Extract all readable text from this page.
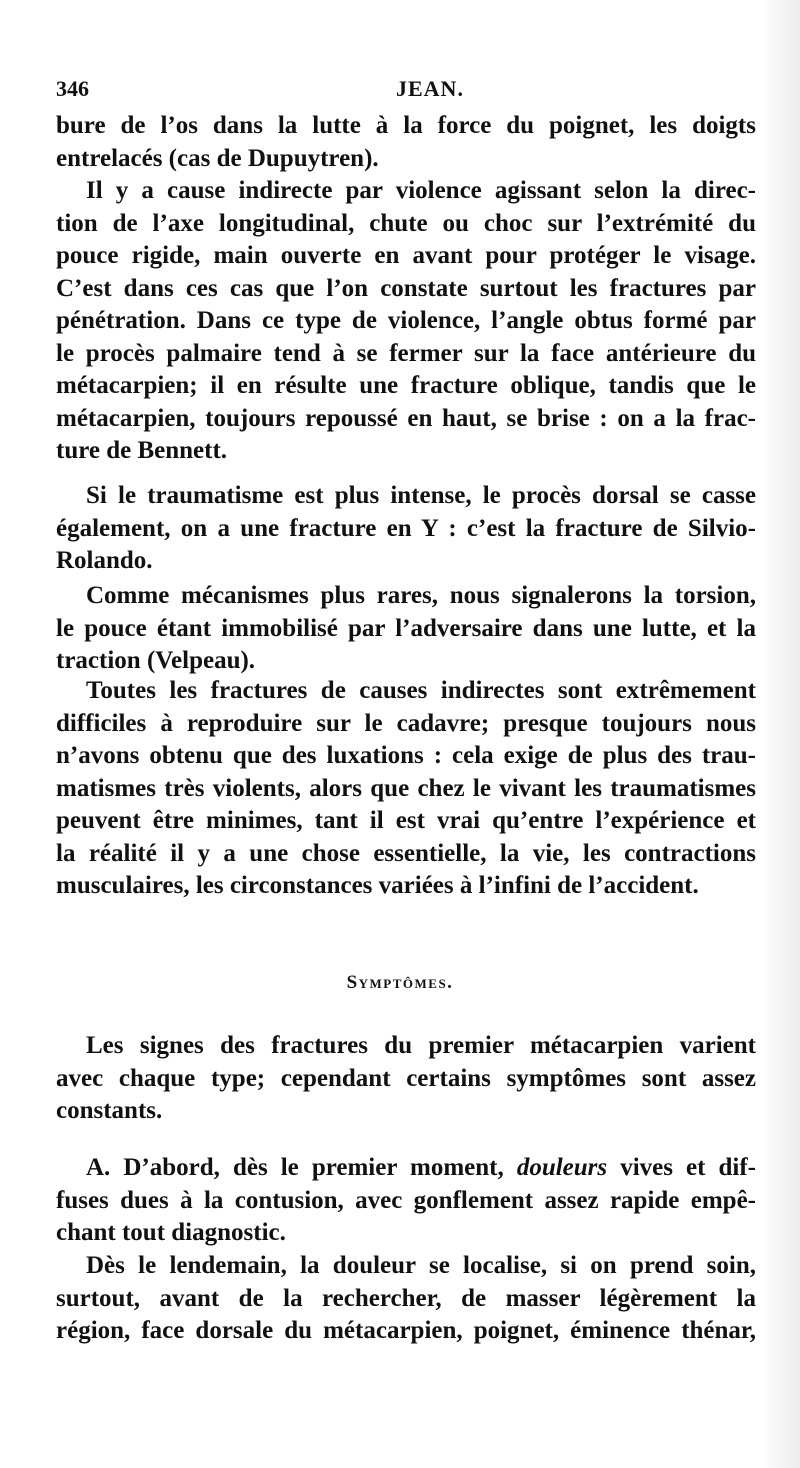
346	JEAN.
bure de l’os dans la lutte à la force du poignet, les doigts
entrelacés (cas de Dupuytren).
Il y a cause indirecte par violence agissant selon la direc-
tion de l’axe longitudinal, chute ou choc sur l’extrémité du
pouce rigide, main ouverte en avant pour protéger le visage.
C’est dans ces cas que l’on constate surtout les fractures par
pénétration. Dans ce type de violence, l’angle obtus formé par
le procès palmaire tend à se fermer sur la face antérieure du
métacarpien; il en résulte une fracture oblique, tandis que le
métacarpien, toujours repoussé en haut, se brise : on a la frac-
ture de Bennett.
Si le traumatisme est plus intense, le procès dorsal se casse
également, on a une fracture en Y : c’est la fracture de Silvio-
Rolando.
Comme mécanismes plus rares, nous signalerons la torsion,
le pouce étant immobilisé par l’adversaire dans une lutte, et la
traction (Velpeau).
Toutes les fractures de causes indirectes sont extrêmement
difficiles à reproduire sur le cadavre; presque toujours nous
n’avons obtenu que des luxations : cela exige de plus des trau-
matismes très violents, alors que chez le vivant les traumatismes
peuvent être minimes, tant il est vrai qu’entre l’expérience et
la réalité il y a une chose essentielle, la vie, les contractions
musculaires, les circonstances variées à l’infini de l’accident.
Symptômes.
Les signes des fractures du premier métacarpien varient
avec chaque type; cependant certains symptômes sont assez
constants.
A. D’abord, dès le premier moment, douleurs vives et dif-
fuses dues à la contusion, avec gonflement assez rapide empê-
chant tout diagnostic.
Dès le lendemain, la douleur se localise, si on prend soin,
surtout, avant de la rechercher, de masser légèrement la
région, face dorsale du métacarpien, poignet, éminence thénar,
